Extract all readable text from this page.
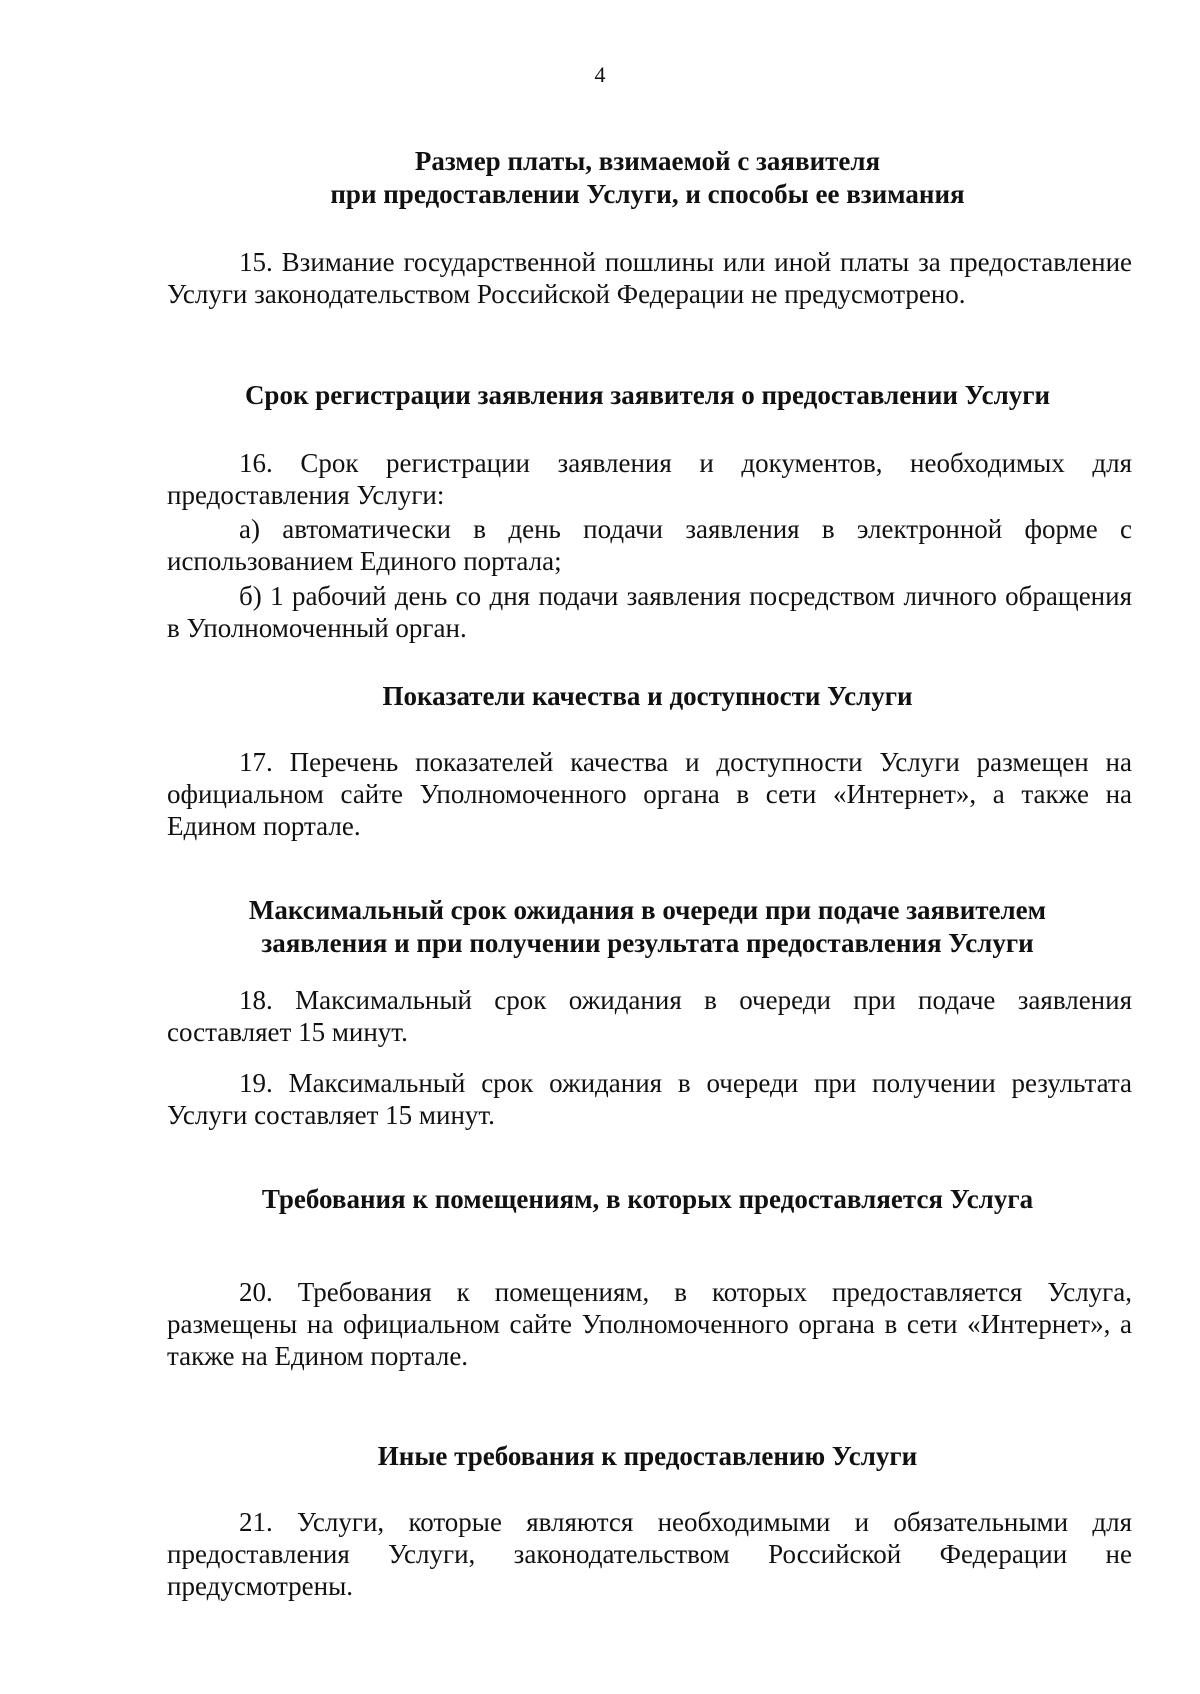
4
Размер платы, взимаемой с заявителя
при предоставлении Услуги, и способы ее взимания
15. Взимание государственной пошлины или иной платы за предоставление Услуги законодательством Российской Федерации не предусмотрено.
Срок регистрации заявления заявителя о предоставлении Услуги
16. Срок регистрации заявления и документов, необходимых для предоставления Услуги:
а) автоматически в день подачи заявления в электронной форме с использованием Единого портала;
б) 1 рабочий день со дня подачи заявления посредством личного обращения в Уполномоченный орган.
Показатели качества и доступности Услуги
17. Перечень показателей качества и доступности Услуги размещен на официальном сайте Уполномоченного органа в сети «Интернет», а также на Едином портале.
Максимальный срок ожидания в очереди при подаче заявителем
заявления и при получении результата предоставления Услуги
18. Максимальный срок ожидания в очереди при подаче заявления составляет 15 минут.
19. Максимальный срок ожидания в очереди при получении результата Услуги составляет 15 минут.
Требования к помещениям, в которых предоставляется Услуга
20. Требования к помещениям, в которых предоставляется Услуга, размещены на официальном сайте Уполномоченного органа в сети «Интернет», а также на Едином портале.
Иные требования к предоставлению Услуги
21. Услуги, которые являются необходимыми и обязательными для предоставления Услуги, законодательством Российской Федерации не предусмотрены.
